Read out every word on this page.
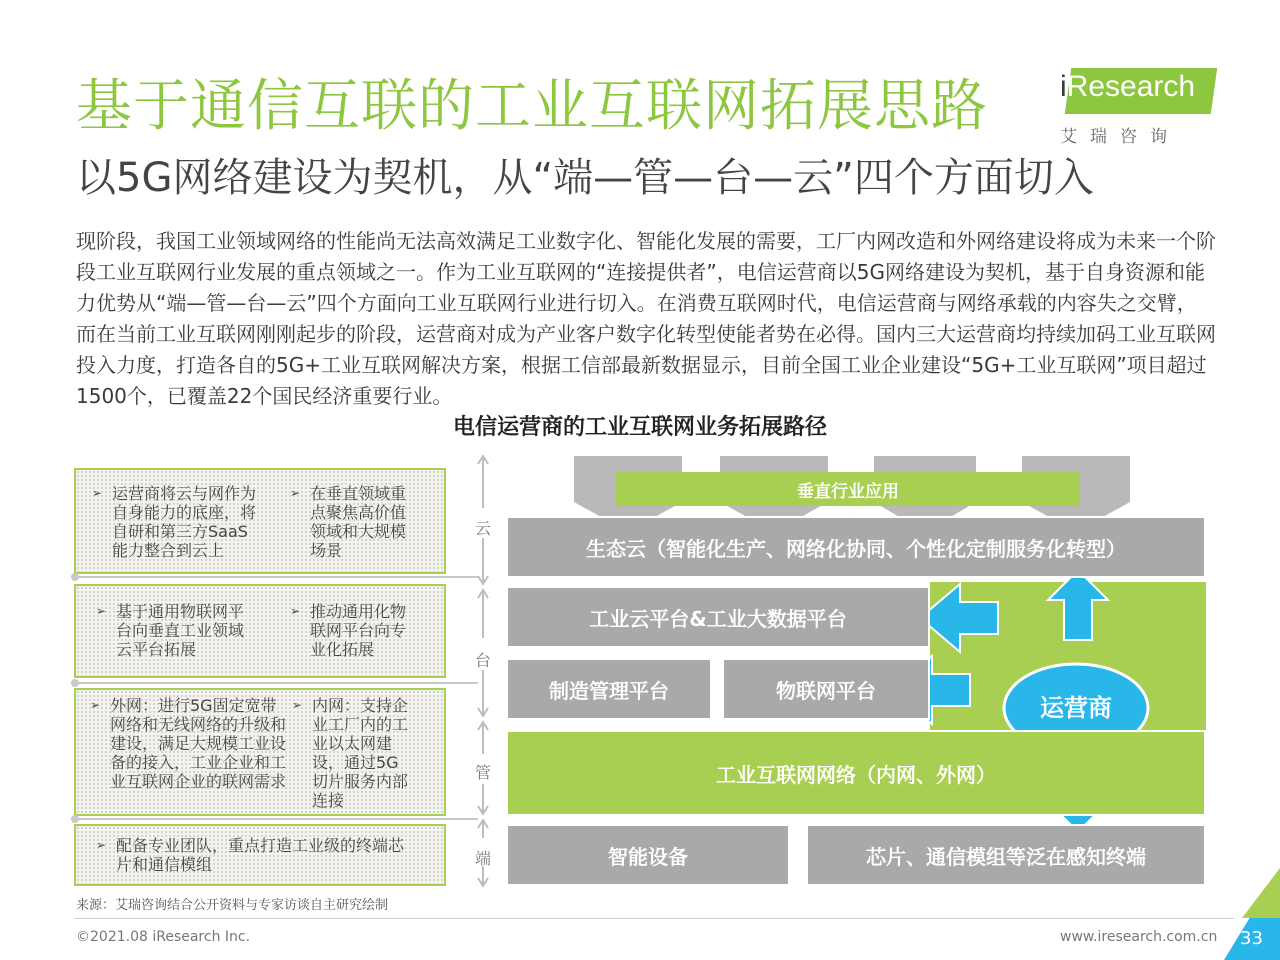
基于通信互联的工业互联网拓展思路
以5G网络建设为契机，从“端—管—台—云”四个方面切入
iResearch
艾瑞咨询
现阶段，我国工业领域网络的性能尚无法高效满足工业数字化、智能化发展的需要，工厂内网改造和外网络建设将成为未来一个阶段工业互联网行业发展的重点领域之一。作为工业互联网的“连接提供者”，电信运营商以5G网络建设为契机，基于自身资源和能力优势从“端—管—台—云”四个方面向工业互联网行业进行切入。在消费互联网时代，电信运营商与网络承载的内容失之交臂，而在当前工业互联网刚刚起步的阶段，运营商对成为产业客户数字化转型使能者势在必得。国内三大运营商均持续加码工业互联网投入力度，打造各自的5G+工业互联网解决方案，根据工信部最新数据显示，目前全国工业企业建设“5G+工业互联网”项目超过1500个，已覆盖22个国民经济重要行业。
电信运营商的工业互联网业务拓展路径
➢ 运营商将云与网作为自身能力的底座，将自研和第三方SaaS能力整合到云上
➢ 在垂直领域重点聚焦高价值领域和大规模场景
➢ 基于通用物联网平台向垂直工业领域云平台拓展
➢ 推动通用化物联网平台向专业化拓展
➢ 外网：进行5G固定宽带网络和无线网络的升级和建设，满足大规模工业设备的接入，工业企业和工业互联网企业的联网需求
➢ 内网：支持企业工厂内的工业以太网建设，通过5G切片服务内部连接
➢ 配备专业团队，重点打造工业级的终端芯片和通信模组
云
台
管
端
垂直行业应用
生态云（智能化生产、网络化协同、个性化定制服务化转型）
工业云平台&工业大数据平台
制造管理平台	物联网平台
运营商
工业互联网网络（内网、外网）
智能设备	芯片、通信模组等泛在感知终端
来源：艾瑞咨询结合公开资料与专家访谈自主研究绘制
©2021.08 iResearch Inc.	www.iresearch.com.cn 33
